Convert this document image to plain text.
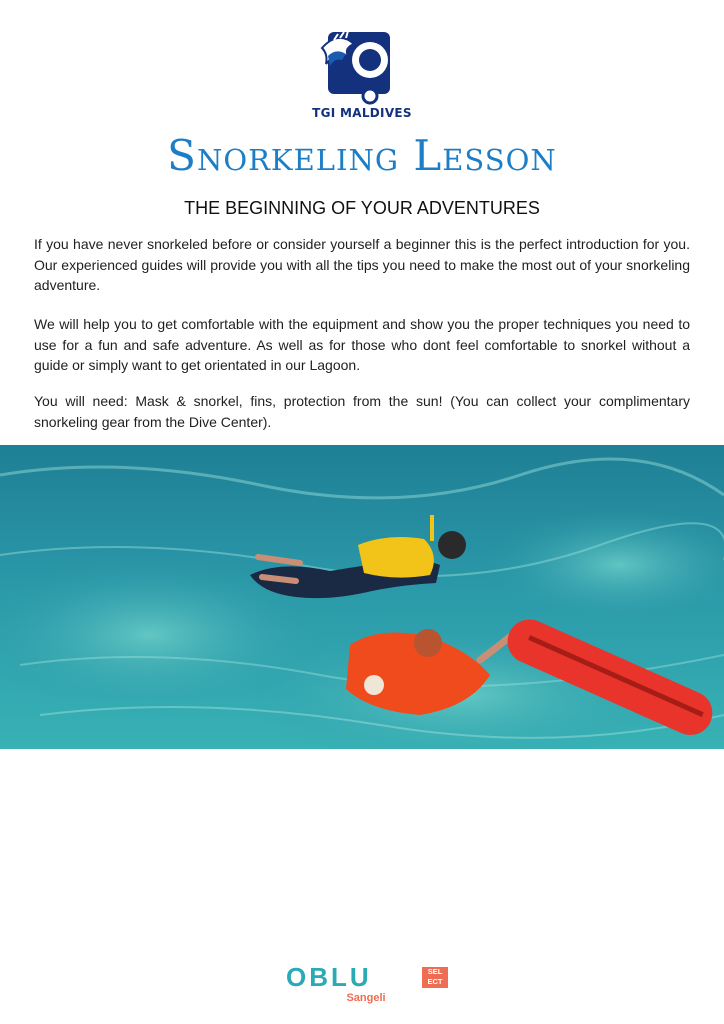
TGI MALDIVES
Snorkeling Lesson
THE BEGINNING OF YOUR ADVENTURES

If you have never snorkeled before or consider yourself a beginner this is the perfect introduction for you. Our experienced guides will provide you with all the tips you need to make the most out of your snorkeling adventure.

We will help you to get comfortable with the equipment and show you the proper techniques you need to use for a fun and safe adventure. As well as for those who dont feel comfortable to snorkel without a guide or simply want to get orientated in our Lagoon.

You will need: Mask & snorkel, fins, protection from the sun! (You can collect your complimentary snorkeling gear from the Dive Center).

OBLU	SEL
ECT
Sangeli
